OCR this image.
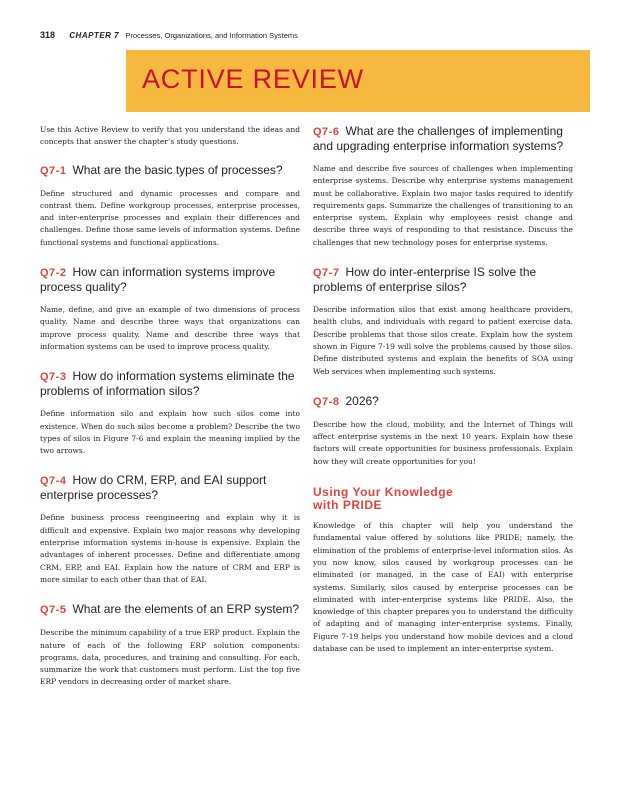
318 CHAPTER 7 Processes, Organizations, and Information Systems
ACTIVE REVIEW

Use this Active Review to verify that you understand the ideas and concepts that answer the chapter’s study questions.

Q7-1 What are the basic types of processes?

Define structured and dynamic processes and compare and contrast them. Define workgroup processes, enterprise processes, and inter-enterprise processes and explain their differences and challenges. Define those same levels of information systems. Define functional systems and functional applications.

Q7-2 How can information systems improve process quality?

Name, define, and give an example of two dimensions of process quality. Name and describe three ways that organizations can improve process quality. Name and describe three ways that information systems can be used to improve process quality.

Q7-3 How do information systems eliminate the problems of information silos?

Define information silo and explain how such silos come into existence. When do such silos become a problem? Describe the two types of silos in Figure 7-6 and explain the meaning implied by the two arrows.

Q7-4 How do CRM, ERP, and EAI support enterprise processes?

Define business process reengineering and explain why it is difficult and expensive. Explain two major reasons why developing enterprise information systems in-house is expensive. Explain the advantages of inherent processes. Define and differentiate among CRM, ERP, and EAI. Explain how the nature of CRM and ERP is more similar to each other than that of EAI.

Q7-5 What are the elements of an ERP system?

Describe the minimum capability of a true ERP product. Explain the nature of each of the following ERP solution components: programs, data, procedures, and training and consulting. For each, summarize the work that customers must perform. List the top five ERP vendors in decreasing order of market share.

Q7-6 What are the challenges of implementing and upgrading enterprise information systems?

Name and describe five sources of challenges when implementing enterprise systems. Describe why enterprise systems management must be collaborative. Explain two major tasks required to identify requirements gaps. Summarize the challenges of transitioning to an enterprise system. Explain why employees resist change and describe three ways of responding to that resistance. Discuss the challenges that new technology poses for enterprise systems.

Q7-7 How do inter-enterprise IS solve the problems of enterprise silos?

Describe information silos that exist among healthcare providers, health clubs, and individuals with regard to patient exercise data. Describe problems that those silos create. Explain how the system shown in Figure 7-19 will solve the problems caused by those silos. Define distributed systems and explain the benefits of SOA using Web services when implementing such systems.

Q7-8 2026?

Describe how the cloud, mobility, and the Internet of Things will affect enterprise systems in the next 10 years. Explain how these factors will create opportunities for business professionals. Explain how they will create opportunities for you!

Using Your Knowledge
with PRIDE

Knowledge of this chapter will help you understand the fundamental value offered by solutions like PRIDE; namely, the elimination of the problems of enterprise-level information silos. As you now know, silos caused by workgroup processes can be eliminated (or managed, in the case of EAI) with enterprise systems. Similarly, silos caused by enterprise processes can be eliminated with inter-enterprise systems like PRIDE. Also, the knowledge of this chapter prepares you to understand the difficulty of adapting and of managing inter-enterprise systems. Finally, Figure 7-19 helps you understand how mobile devices and a cloud database can be used to implement an inter-enterprise system.
